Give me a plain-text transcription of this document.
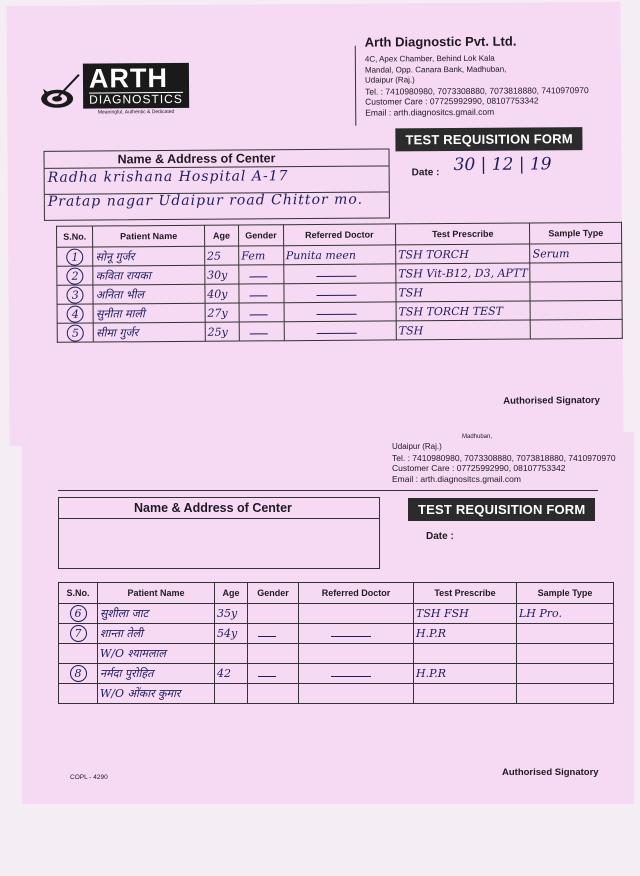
ARTH
DIAGNOSTICS
Meaningful, Authentic & Dedicated
Arth Diagnostic Pvt. Ltd.
4C, Apex Chamber, Behind Lok Kala
Mandal, Opp. Canara Bank, Madhuban,
Udaipur (Raj.)
Tel. : 7410980980, 7073308880, 7073818880, 7410970970
Customer Care : 07725992990, 08107753342
Email : arth.diagnositcs.gmail.com
TEST REQUISITION FORM
Date : 30 | 12 | 19
Name & Address of Center
Radha krishana Hospital A-17
Pratap nagar Udaipur road Chittor mo.
S.No.	Patient Name	Age	Gender	Referred Doctor	Test Prescribe	Sample Type
1	सोनू गुर्जर	25	Fem	Punita meen	TSH TORCH	Serum
2	कविता रायका	30y			TSH Vit-B12, D3, APTT	
3	अनिता भील	40y			TSH	
4	सुनीता माली	27y			TSH TORCH TEST	
5	सीमा गुर्जर	25y			TSH	
Authorised Signatory
Madhuban,
Udaipur (Raj.)
Tel. : 7410980980, 7073308880, 7073818880, 7410970970
Customer Care : 07725992990, 08107753342
Email : arth.diagnositcs.gmail.com
TEST REQUISITION FORM
Date :
Name & Address of Center
S.No.	Patient Name	Age	Gender	Referred Doctor	Test Prescribe	Sample Type
6	सुशीला जाट	35y			TSH FSH	LH Pro.
7	शान्ता तेली	54y			H.P.R	
	W/O श्यामलाल					
8	नर्मदा पुरोहित	42			H.P.R	
	W/O ओंकार कुमार					
Authorised Signatory
COPL - 4290
